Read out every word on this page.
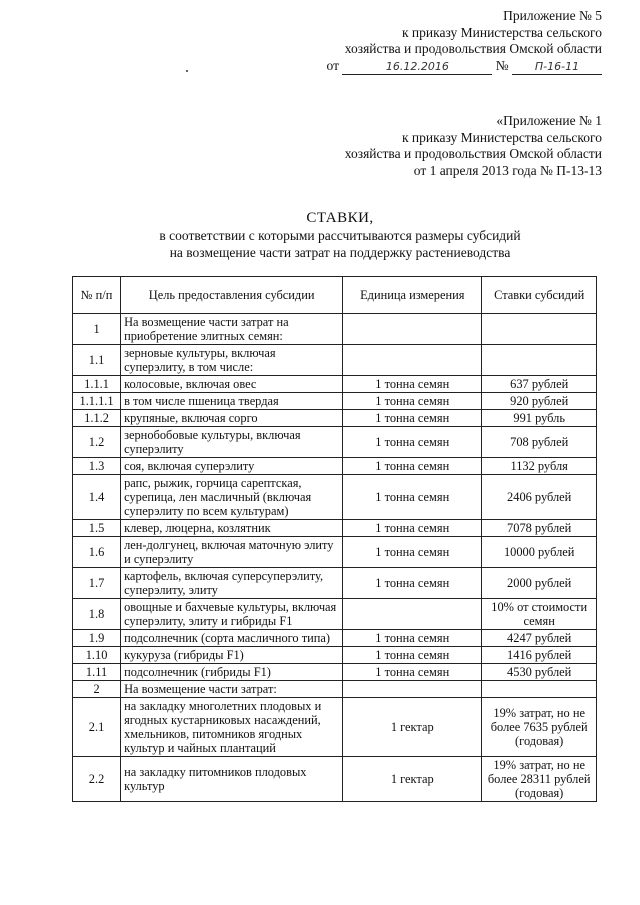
Приложение № 5
к приказу Министерства сельского
хозяйства и продовольствия Омской области
от	16.12.2016	№ П-16-11
«Приложение № 1
к приказу Министерства сельского
хозяйства и продовольствия Омской области
от 1 апреля 2013 года № П-13-13
СТАВКИ,
в соответствии с которыми рассчитываются размеры субсидий
на возмещение части затрат на поддержку растениеводства
№ п/п	Цель предоставления субсидии	Единица измерения	Ставки субсидий
1	На возмещение части затрат на приобретение элитных семян:		
1.1	зерновые культуры, включая суперэлиту, в том числе:		
1.1.1	колосовые, включая овес	1 тонна семян	637 рублей
1.1.1.1	в том числе пшеница твердая	1 тонна семян	920 рублей
1.1.2	крупяные, включая сорго	1 тонна семян	991 рубль
1.2	зернобобовые культуры, включая суперэлиту	1 тонна семян	708 рублей
1.3	соя, включая суперэлиту	1 тонна семян	1132 рубля
1.4	рапс, рыжик, горчица сарептская, сурепица, лен масличный (включая суперэлиту по всем культурам)	1 тонна семян	2406 рублей
1.5	клевер, люцерна, козлятник	1 тонна семян	7078 рублей
1.6	лен-долгунец, включая маточную элиту и суперэлиту	1 тонна семян	10000 рублей
1.7	картофель, включая суперсуперэлиту, суперэлиту, элиту	1 тонна семян	2000 рублей
1.8	овощные и бахчевые культуры, включая суперэлиту, элиту и гибриды F1		10% от стоимости семян
1.9	подсолнечник (сорта масличного типа)	1 тонна семян	4247 рублей
1.10	кукуруза (гибриды F1)	1 тонна семян	1416 рублей
1.11	подсолнечник (гибриды F1)	1 тонна семян	4530 рублей
2	На возмещение части затрат:		
2.1	на закладку многолетних плодовых и ягодных кустарниковых насаждений, хмельников, питомников ягодных культур и чайных плантаций	1 гектар	19% затрат, но не более 7635 рублей (годовая)
2.2	на закладку питомников плодовых культур	1 гектар	19% затрат, но не более 28311 рублей (годовая)
